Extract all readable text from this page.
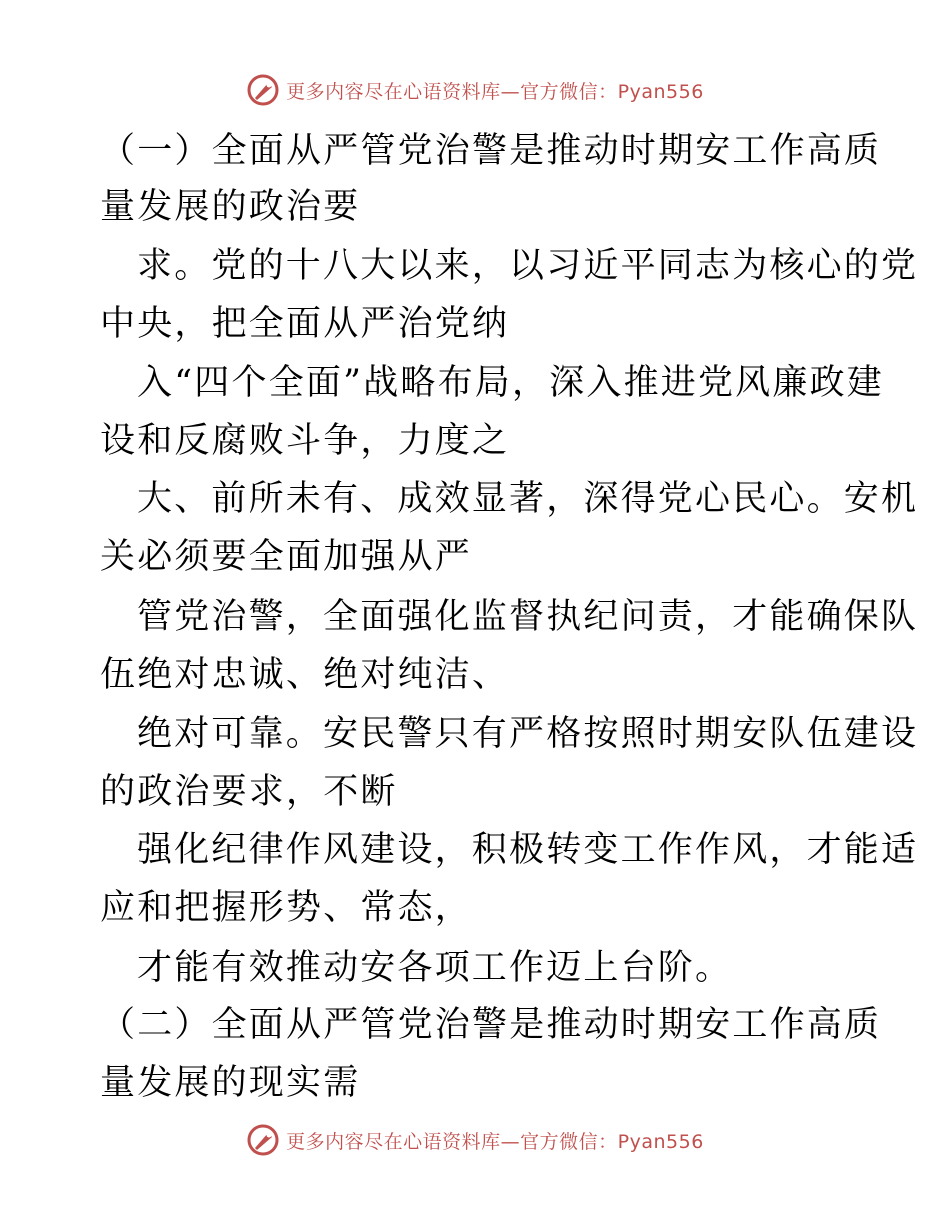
更多内容尽在心语资料库—官方微信：Pyan556
（一）全面从严管党治警是推动时期安工作高质
量发展的政治要
求。党的十八大以来，以习近平同志为核心的党
中央，把全面从严治党纳
入“四个全面”战略布局，深入推进党风廉政建
设和反腐败斗争，力度之
大、前所未有、成效显著，深得党心民心。安机
关必须要全面加强从严
管党治警，全面强化监督执纪问责，才能确保队
伍绝对忠诚、绝对纯洁、
绝对可靠。安民警只有严格按照时期安队伍建设
的政治要求，不断
强化纪律作风建设，积极转变工作作风，才能适
应和把握形势、常态，
才能有效推动安各项工作迈上台阶。
（二）全面从严管党治警是推动时期安工作高质
量发展的现实需
更多内容尽在心语资料库—官方微信：Pyan556
